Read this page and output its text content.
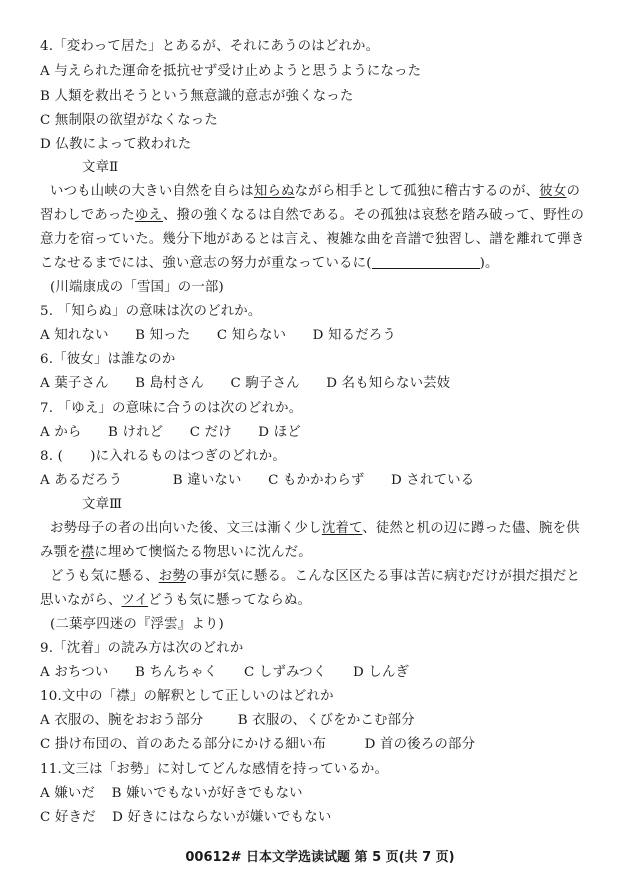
4.「変わって居た」とあるが、それにあうのはどれか。
A 与えられた運命を抵抗せず受け止めようと思うようになった
B 人類を救出そうという無意識的意志が強くなった
C 無制限の欲望がなくなった
D 仏教によって救われた
文章Ⅱ
いつも山峡の大きい自然を自らは知らぬながら相手として孤独に稽古するのが、彼女の
習わしであったゆえ、撥の強くなるは自然である。その孤独は哀愁を踏み破って、野性の
意力を宿っていた。幾分下地があるとは言え、複雑な曲を音譜で独習し、譜を離れて弾き
こなせるまでには、強い意志の努力が重なっているに(	)。
(川端康成の「雪国」の一部)
5. 「知らぬ」の意味は次のどれか。
A 知れない B 知った C 知らない D 知るだろう
6.「彼女」は誰なのか
A 葉子さん B 島村さん C 駒子さん D 名も知らない芸妓
7. 「ゆえ」の意味に合うのは次のどれか。
A から B けれど C だけ D ほど
8. (　　)に入れるものはつぎのどれか。
A あるだろう	B 違いない C もかかわらず D されている
文章Ⅲ
お勢母子の者の出向いた後、文三は漸く少し沈着て、徒然と机の辺に蹲った儘、腕を供
み顎を襟に埋めて懊悩たる物思いに沈んだ。
どうも気に懸る、お勢の事が気に懸る。こんな区区たる事は苦に病むだけが損だ損だと
思いながら、ツイどうも気に懸ってならぬ。
(二葉亭四迷の『浮雲』より)
9.「沈着」の読み方は次のどれか
A おちつい B ちんちゃく C しずみつく D しんぎ
10.文中の「襟」の解釈として正しいのはどれか
A 衣服の、腕をおおう部分	B 衣服の、くびをかこむ部分
C 掛け布団の、首のあたる部分にかける細い布	D 首の後ろの部分
11.文三は「お勢」に対してどんな感情を持っているか。
A 嫌いだ B 嫌いでもないが好きでもない
C 好きだ D 好きにはならないが嫌いでもない
00612# 日本文学选读试题 第 5 页(共 7 页)
